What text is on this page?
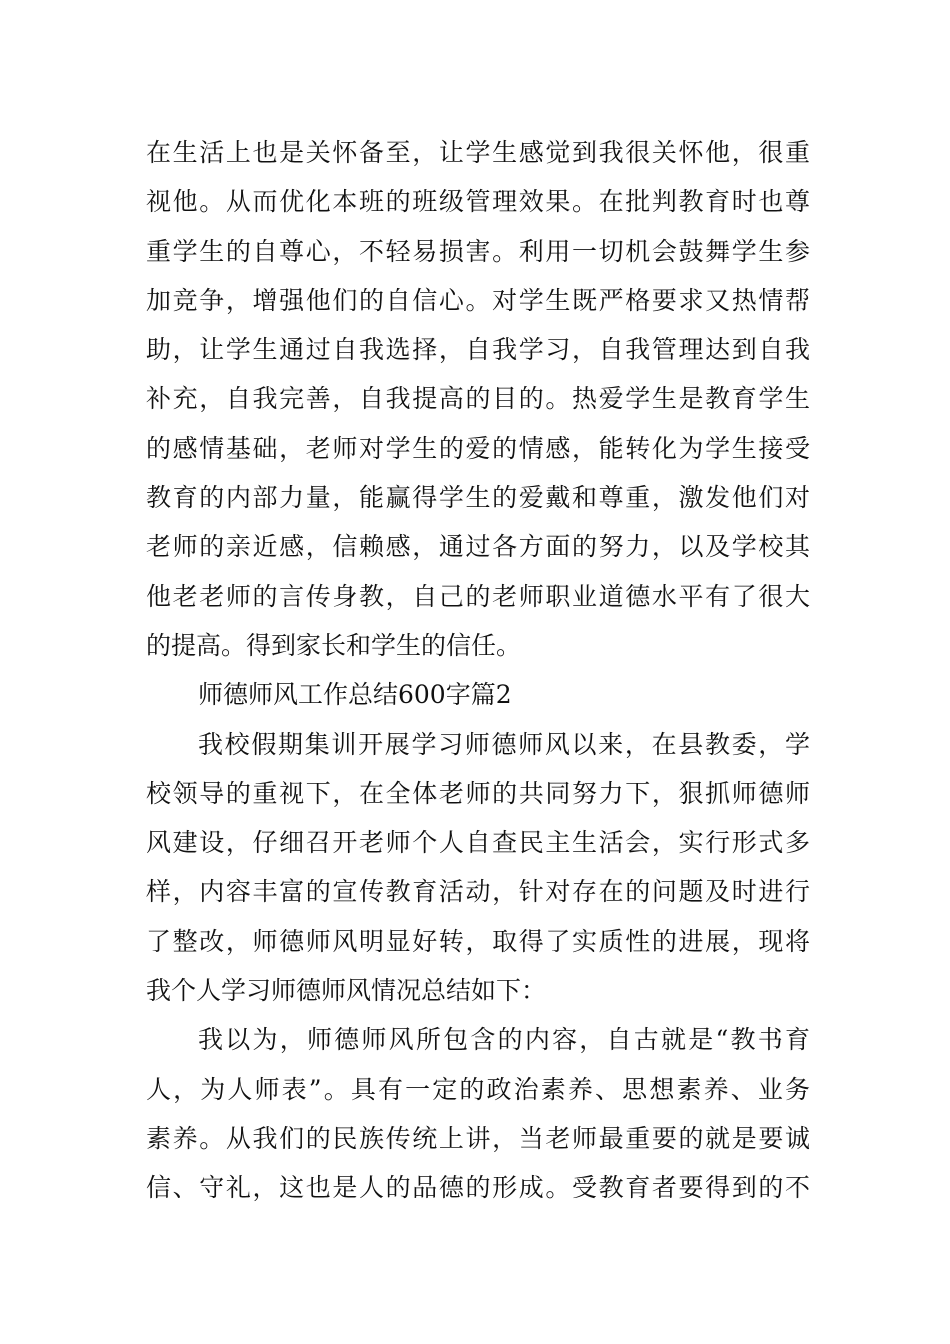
在生活上也是关怀备至，让学生感觉到我很关怀他，很重
视他。从而优化本班的班级管理效果。在批判教育时也尊
重学生的自尊心，不轻易损害。利用一切机会鼓舞学生参
加竞争，增强他们的自信心。对学生既严格要求又热情帮
助，让学生通过自我选择，自我学习，自我管理达到自我
补充，自我完善，自我提高的目的。热爱学生是教育学生
的感情基础，老师对学生的爱的情感，能转化为学生接受
教育的内部力量，能赢得学生的爱戴和尊重，激发他们对
老师的亲近感，信赖感，通过各方面的努力，以及学校其
他老老师的言传身教，自己的老师职业道德水平有了很大
的提高。得到家长和学生的信任。
师德师风工作总结600字篇2
我校假期集训开展学习师德师风以来，在县教委，学
校领导的重视下，在全体老师的共同努力下，狠抓师德师
风建设，仔细召开老师个人自查民主生活会，实行形式多
样，内容丰富的宣传教育活动，针对存在的问题及时进行
了整改，师德师风明显好转，取得了实质性的进展，现将
我个人学习师德师风情况总结如下：
我以为，师德师风所包含的内容，自古就是“教书育
人，为人师表”。具有一定的政治素养、思想素养、业务
素养。从我们的民族传统上讲，当老师最重要的就是要诚
信、守礼，这也是人的品德的形成。受教育者要得到的不
